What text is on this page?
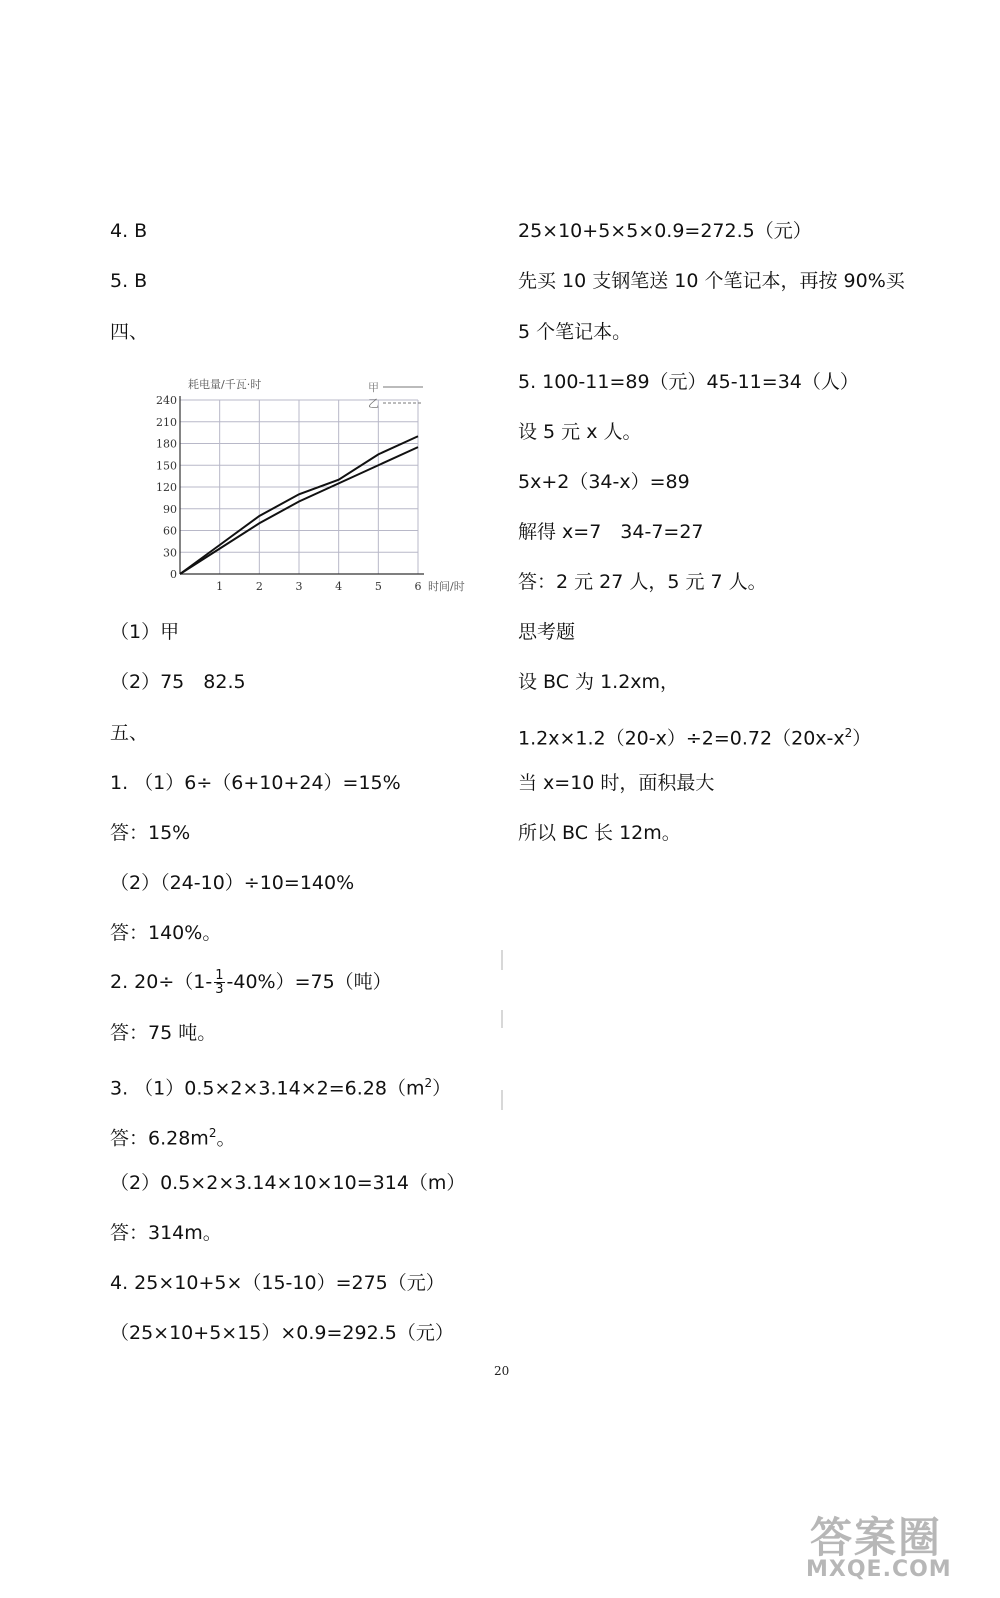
4. B
5. B
四、
0
30
60
90
120
150
180
210
240
1	2	3	4	5	6
耗电量/千瓦·时
时间/时
甲
乙
（1）甲
（2）75　82.5
五、
1. （1）6÷（6+10+24）=15%
答：15%
（2）（24-10）÷10=140%
答：140%。
2. $20\div(1- \frac{1}{3} -40\%)=75$（吨）
答：75 吨。
3. $(1)0.5\times 2\times 3.14\times 2=6.28(m^2)$
答：$6.28m^2$。
（2）0.5×2×3.14×10×10=314（m）
答：314m。
4. 25×10+5×（15-10）=275（元）
（25×10+5×15）×0.9=292.5（元）
25×10+5×5×0.9=272.5（元）
先买 10 支钢笔送 10 个笔记本，再按 90%买
5 个笔记本。
5. 100-11=89（元）45-11=34（人）
设 5 元 x 人。
5x+2（34-x）=89
解得 x=7　34-7=27
答：2 元 27 人，5 元 7 人。
思考题
设 BC 为 1.2xm，
$1.2x\times 1.2(20-x)\div 2=0.72(20x-x^2)$
当 x=10 时，面积最大
所以 BC 长 12m。
20
答案圈
MXQE.COM
